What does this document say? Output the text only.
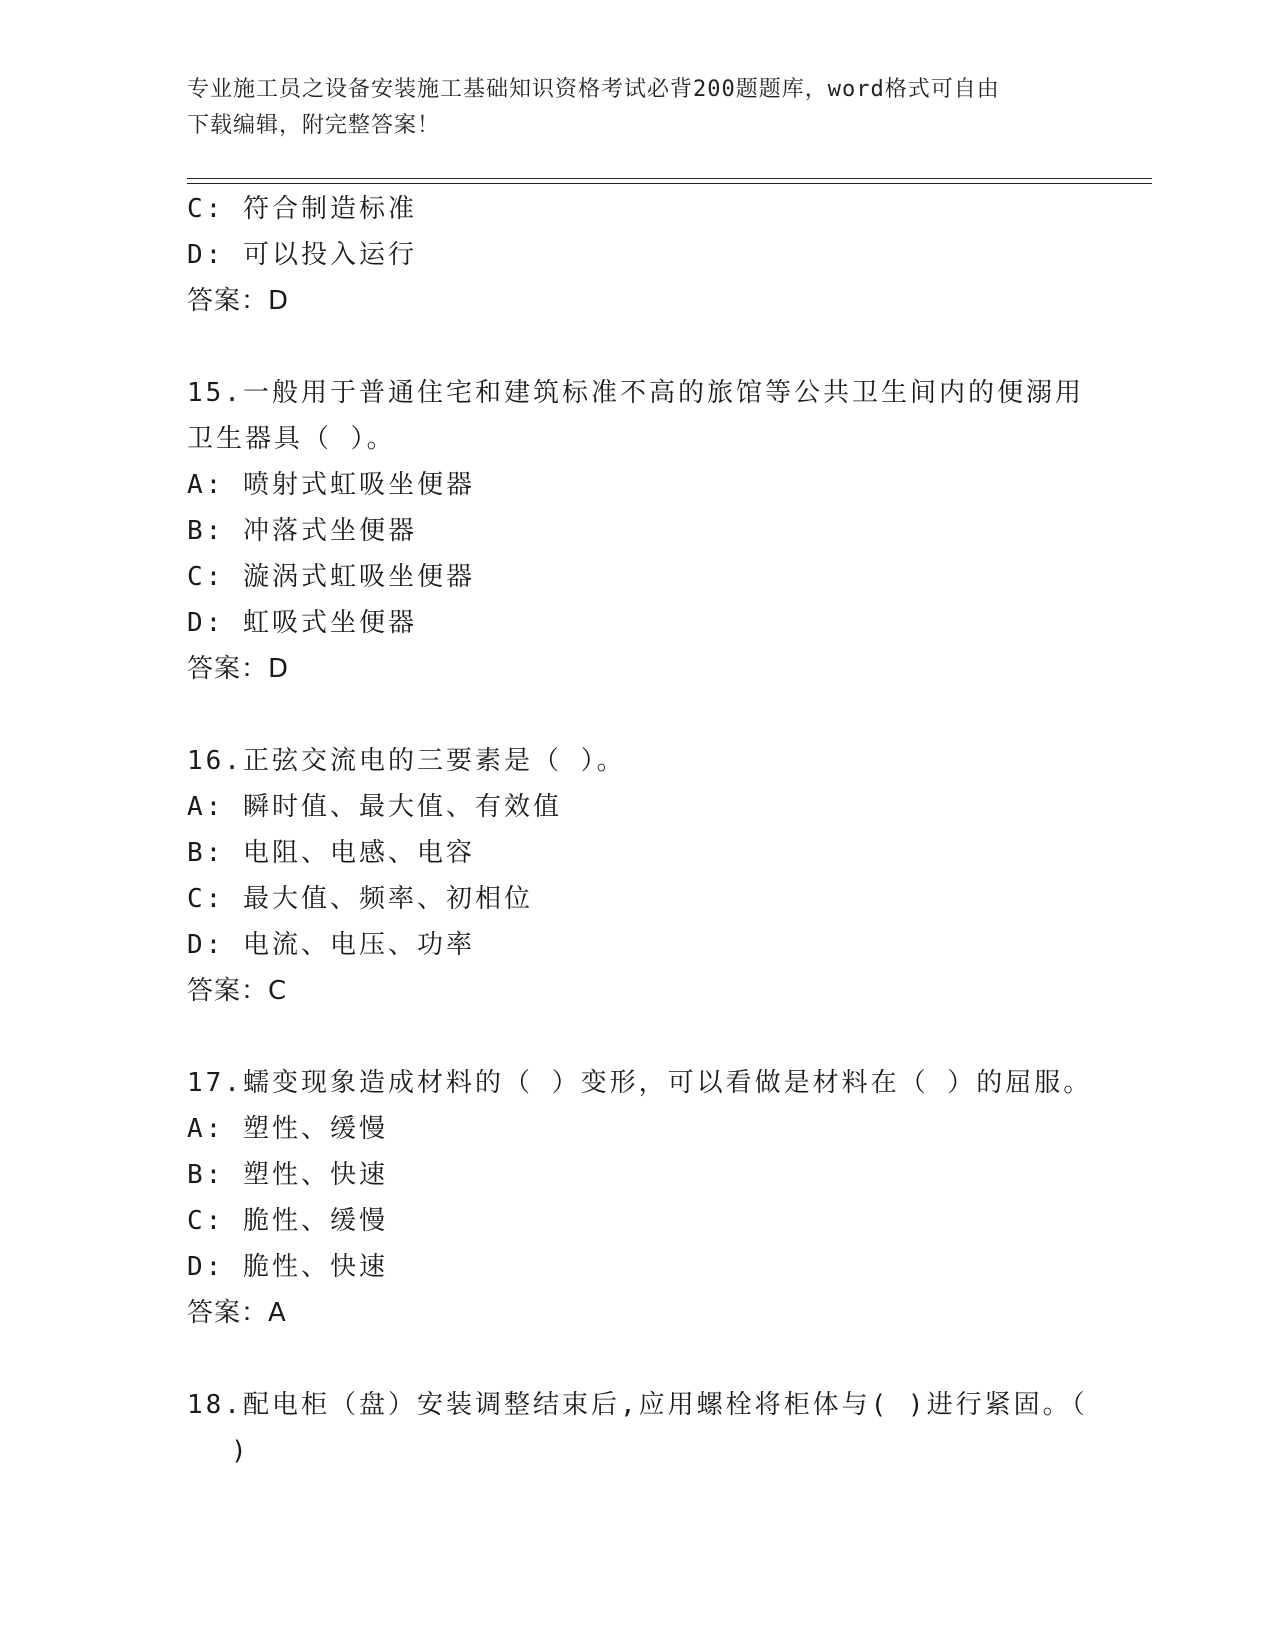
专业施工员之设备安装施工基础知识资格考试必背200题题库，word格式可自由
下载编辑，附完整答案！
C: 符合制造标准
D: 可以投入运行
答案：D
15.一般用于普通住宅和建筑标准不高的旅馆等公共卫生间内的便溺用
卫生器具（ ）。
A: 喷射式虹吸坐便器
B: 冲落式坐便器
C: 漩涡式虹吸坐便器
D: 虹吸式坐便器
答案：D
16.正弦交流电的三要素是（ ）。
A: 瞬时值、最大值、有效值
B: 电阻、电感、电容
C: 最大值、频率、初相位
D: 电流、电压、功率
答案：C
17.蠕变现象造成材料的（ ）变形，可以看做是材料在（ ）的屈服。
A: 塑性、缓慢
B: 塑性、快速
C: 脆性、缓慢
D: 脆性、快速
答案：A
18.配电柜（盘）安装调整结束后,应用螺栓将柜体与( )进行紧固。（
)
